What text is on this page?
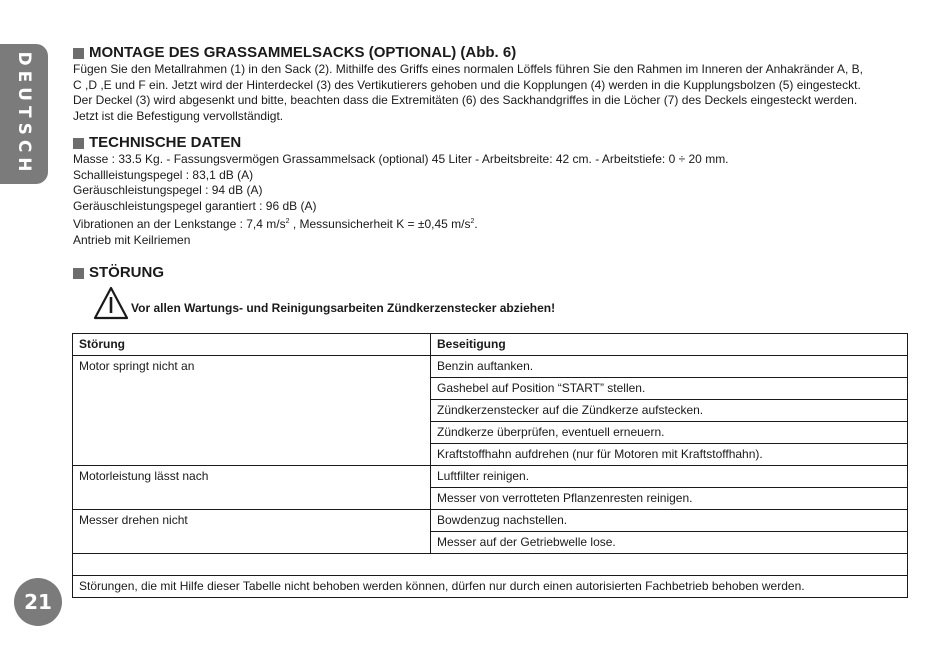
DEUTSCH
21
MONTAGE DES GRASSAMMELSACKS (OPTIONAL) (Abb. 6)

Fügen Sie den Metallrahmen (1) in den Sack (2). Mithilfe des Griffs eines normalen Löffels führen Sie den Rahmen im Inneren der Anhakränder A, B,

C ,D ,E und F ein. Jetzt wird der Hinterdeckel (3) des Vertikutierers gehoben und die Kopplungen (4) werden in die Kupplungsbolzen (5) eingesteckt.

Der Deckel (3) wird abgesenkt und bitte, beachten dass die Extremitäten (6) des Sackhandgriffes in die Löcher (7) des Deckels eingesteckt werden.

Jetzt ist die Befestigung vervollständigt.

TECHNISCHE DATEN

Masse : 33.5 Kg. - Fassungsvermögen Grassammelsack (optional) 45 Liter - Arbeitsbreite: 42 cm. - Arbeitstiefe: 0 ÷ 20 mm.

Schallleistungspegel : 83,1 dB (A)

Geräuschleistungspegel : 94 dB (A)

Geräuschleistungspegel garantiert : 96 dB (A)

Vibrationen an der Lenkstange : 7,4 $m/s^2$ , Messunsicherheit K = ±0,45 $m/s^2$.

Antrieb mit Keilriemen

STÖRUNG
Vor allen Wartungs- und Reinigungsarbeiten Zündkerzenstecker abziehen!
Störung	Beseitigung
Motor springt nicht an	Benzin auftanken.
	Gashebel auf Position “START” stellen.
	Zündkerzenstecker auf die Zündkerze aufstecken.
	Zündkerze überprüfen, eventuell erneuern.
	Kraftstoffhahn aufdrehen (nur für Motoren mit Kraftstoffhahn).
Motorleistung lässt nach	Luftfilter reinigen.
	Messer von verrotteten Pflanzenresten reinigen.
Messer drehen nicht	Bowdenzug nachstellen.
	Messer auf der Getriebwelle lose.

Störungen, die mit Hilfe dieser Tabelle nicht behoben werden können, dürfen nur durch einen autorisierten Fachbetrieb behoben werden.	
